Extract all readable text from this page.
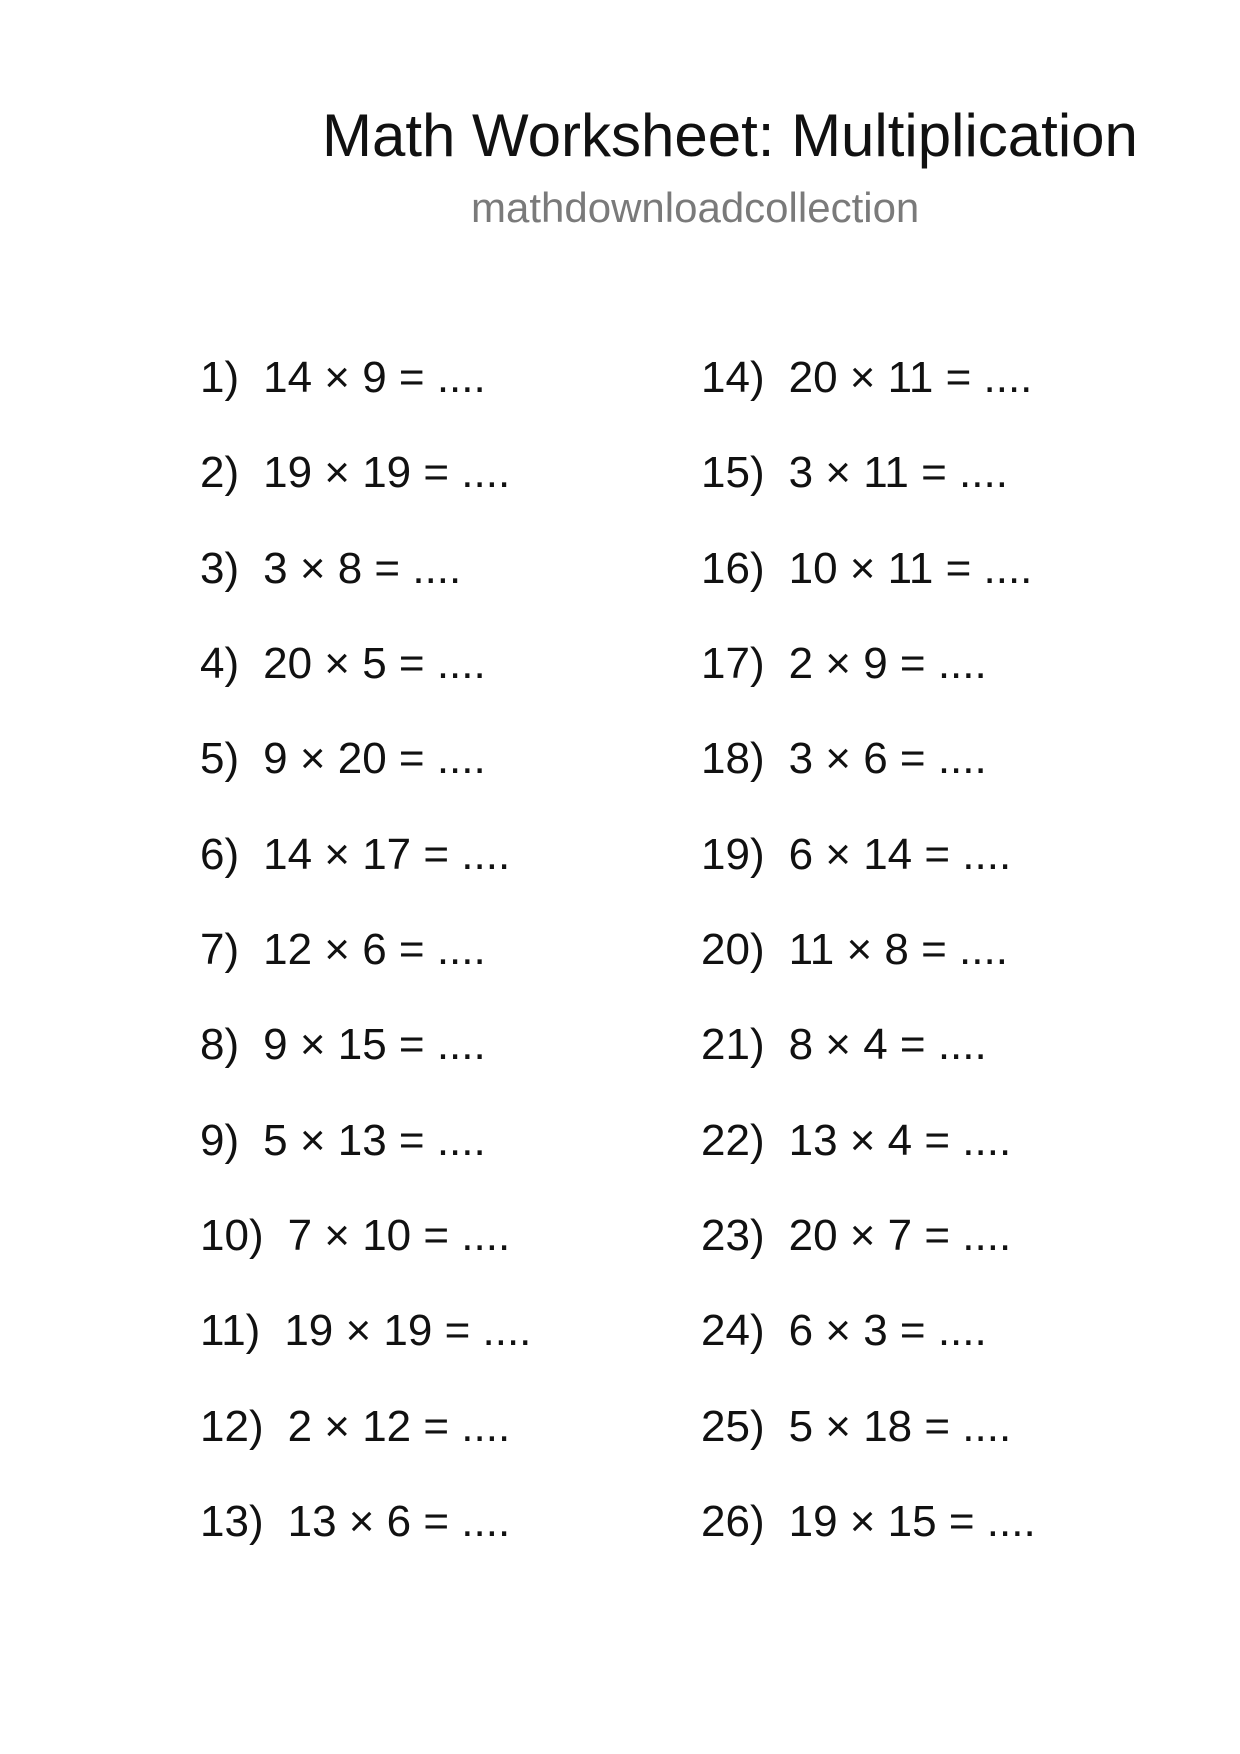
Math Worksheet: Multiplication
mathdownloadcollection
1) 14 × 9 = ....
2) 19 × 19 = ....
3) 3 × 8 = ....
4) 20 × 5 = ....
5) 9 × 20 = ....
6) 14 × 17 = ....
7) 12 × 6 = ....
8) 9 × 15 = ....
9) 5 × 13 = ....
10) 7 × 10 = ....
11) 19 × 19 = ....
12) 2 × 12 = ....
13) 13 × 6 = ....
14) 20 × 11 = ....
15) 3 × 11 = ....
16) 10 × 11 = ....
17) 2 × 9 = ....
18) 3 × 6 = ....
19) 6 × 14 = ....
20) 11 × 8 = ....
21) 8 × 4 = ....
22) 13 × 4 = ....
23) 20 × 7 = ....
24) 6 × 3 = ....
25) 5 × 18 = ....
26) 19 × 15 = ....
